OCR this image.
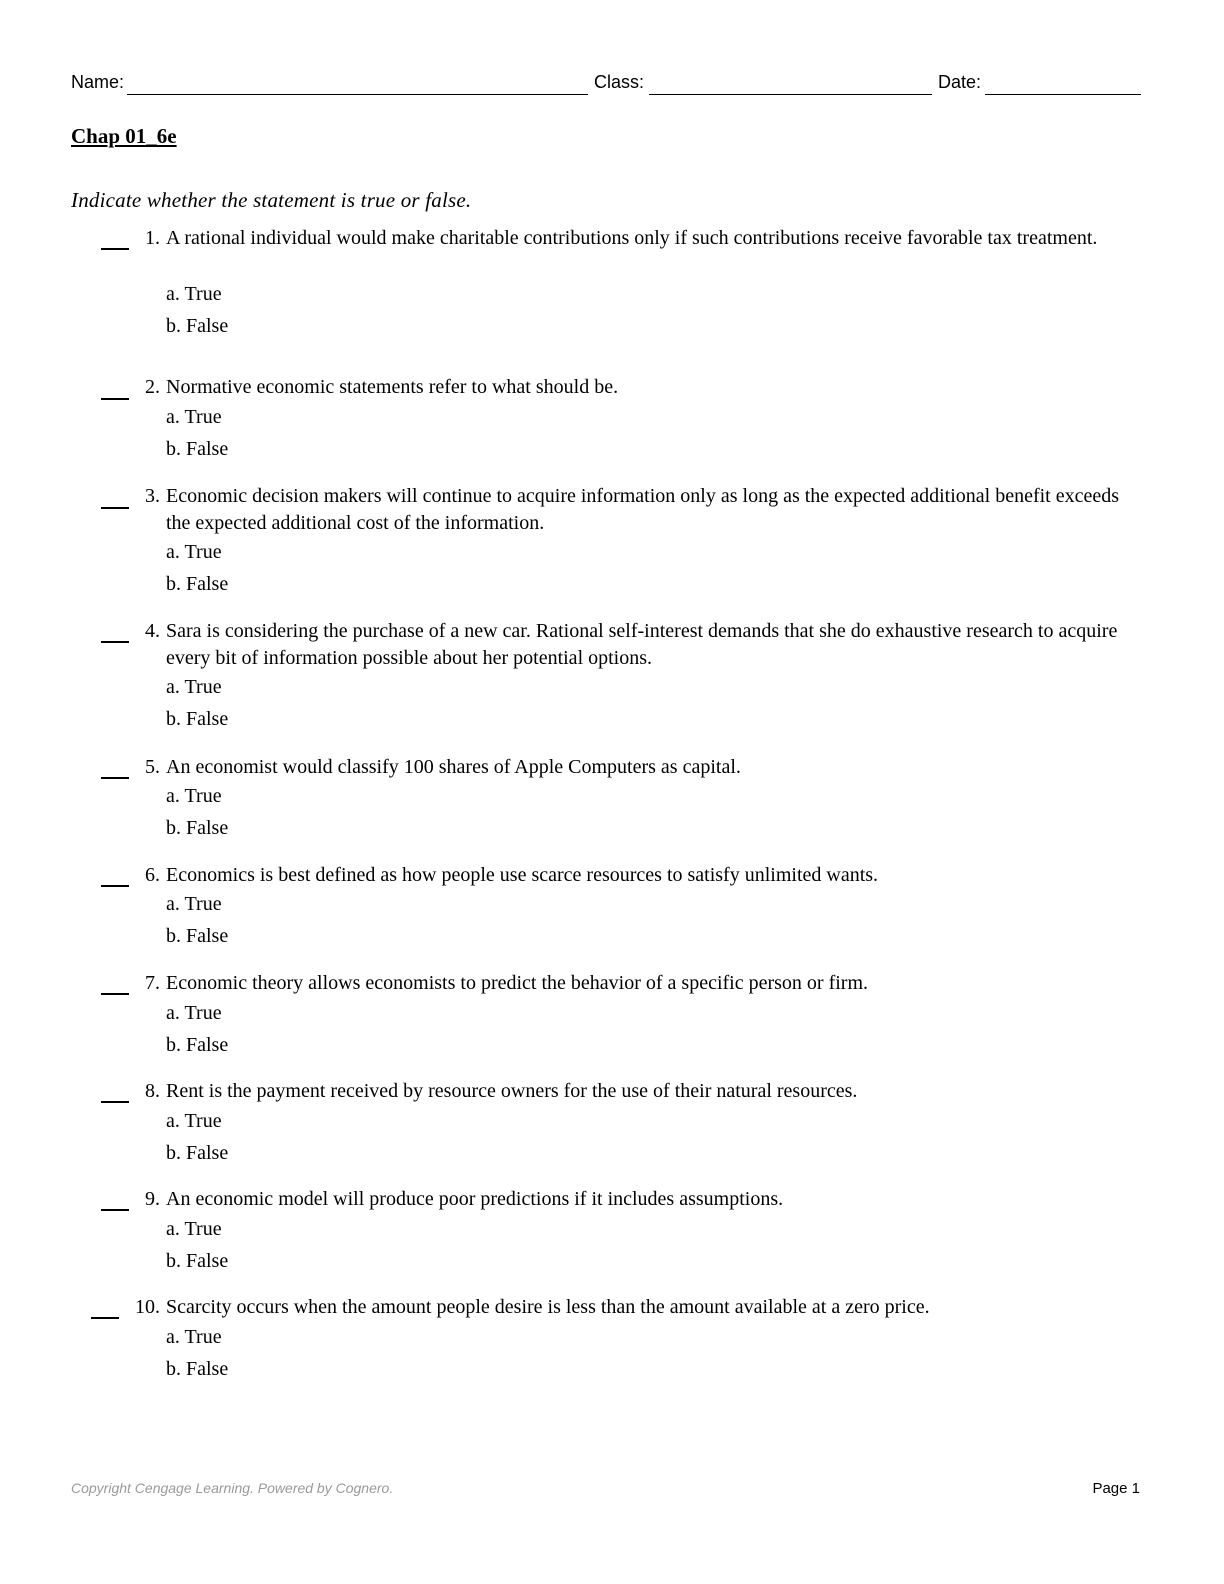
Name:	Class:	Date:
Chap 01_6e
Indicate whether the statement is true or false.
1. A rational individual would make charitable contributions only if such contributions receive favorable tax treatment.
a. True
b. False
2. Normative economic statements refer to what should be.
a. True
b. False
3. Economic decision makers will continue to acquire information only as long as the expected additional benefit exceeds the expected additional cost of the information.
a. True
b. False
4. Sara is considering the purchase of a new car. Rational self-interest demands that she do exhaustive research to acquire every bit of information possible about her potential options.
a. True
b. False
5. An economist would classify 100 shares of Apple Computers as capital.
a. True
b. False
6. Economics is best defined as how people use scarce resources to satisfy unlimited wants.
a. True
b. False
7. Economic theory allows economists to predict the behavior of a specific person or firm.
a. True
b. False
8. Rent is the payment received by resource owners for the use of their natural resources.
a. True
b. False
9. An economic model will produce poor predictions if it includes assumptions.
a. True
b. False
10. Scarcity occurs when the amount people desire is less than the amount available at a zero price.
a. True
b. False
Copyright Cengage Learning. Powered by Cognero.	Page 1
